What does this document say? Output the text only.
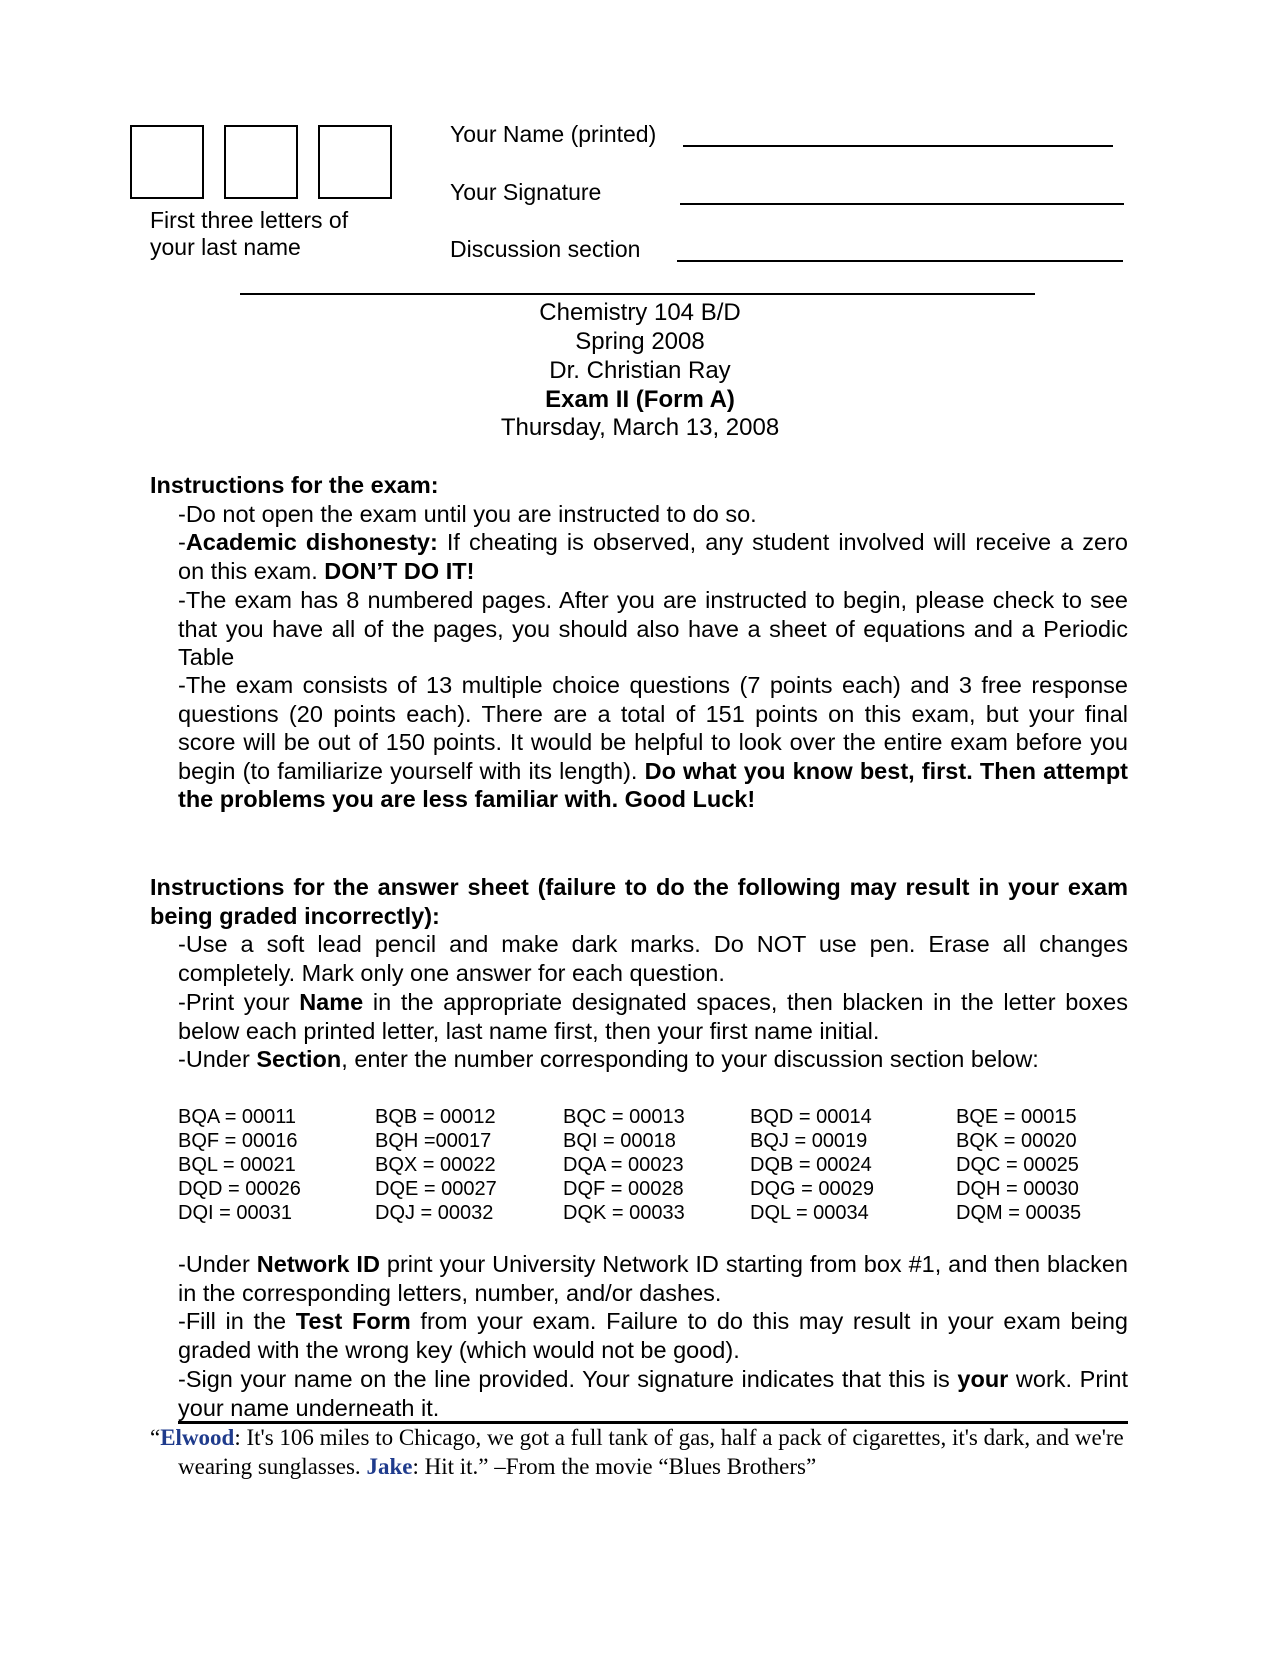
First three letters of
your last name
Your Name (printed)
Your Signature
Discussion section
Chemistry 104 B/D
Spring 2008
Dr. Christian Ray
Exam II (Form A)
Thursday, March 13, 2008
Instructions for the exam:
-Do not open the exam until you are instructed to do so.
-Academic dishonesty: If cheating is observed, any student involved will receive a zero on this exam. DON’T DO IT!
-The exam has 8 numbered pages. After you are instructed to begin, please check to see that you have all of the pages, you should also have a sheet of equations and a Periodic Table
-The exam consists of 13 multiple choice questions (7 points each) and 3 free response questions (20 points each). There are a total of 151 points on this exam, but your final score will be out of 150 points. It would be helpful to look over the entire exam before you begin (to familiarize yourself with its length). Do what you know best, first. Then attempt the problems you are less familiar with. Good Luck!
Instructions for the answer sheet (failure to do the following may result in your exam being graded incorrectly):
-Use a soft lead pencil and make dark marks. Do NOT use pen. Erase all changes completely. Mark only one answer for each question.
-Print your Name in the appropriate designated spaces, then blacken in the letter boxes below each printed letter, last name first, then your first name initial.
-Under Section, enter the number corresponding to your discussion section below:
BQA = 00011
BQF = 00016
BQL = 00021
DQD = 00026
DQI = 00031
BQB = 00012
BQH =00017
BQX = 00022
DQE = 00027
DQJ = 00032
BQC = 00013
BQI = 00018
DQA = 00023
DQF = 00028
DQK = 00033
BQD = 00014
BQJ = 00019
DQB = 00024
DQG = 00029
DQL = 00034
BQE = 00015
BQK = 00020
DQC = 00025
DQH = 00030
DQM = 00035
-Under Network ID print your University Network ID starting from box #1, and then blacken in the corresponding letters, number, and/or dashes.
-Fill in the Test Form from your exam. Failure to do this may result in your exam being graded with the wrong key (which would not be good).
-Sign your name on the line provided. Your signature indicates that this is your work. Print your name underneath it.
“Elwood: It's 106 miles to Chicago, we got a full tank of gas, half a pack of cigarettes, it's dark, and we're wearing sunglasses. Jake: Hit it.” –From the movie “Blues Brothers”
